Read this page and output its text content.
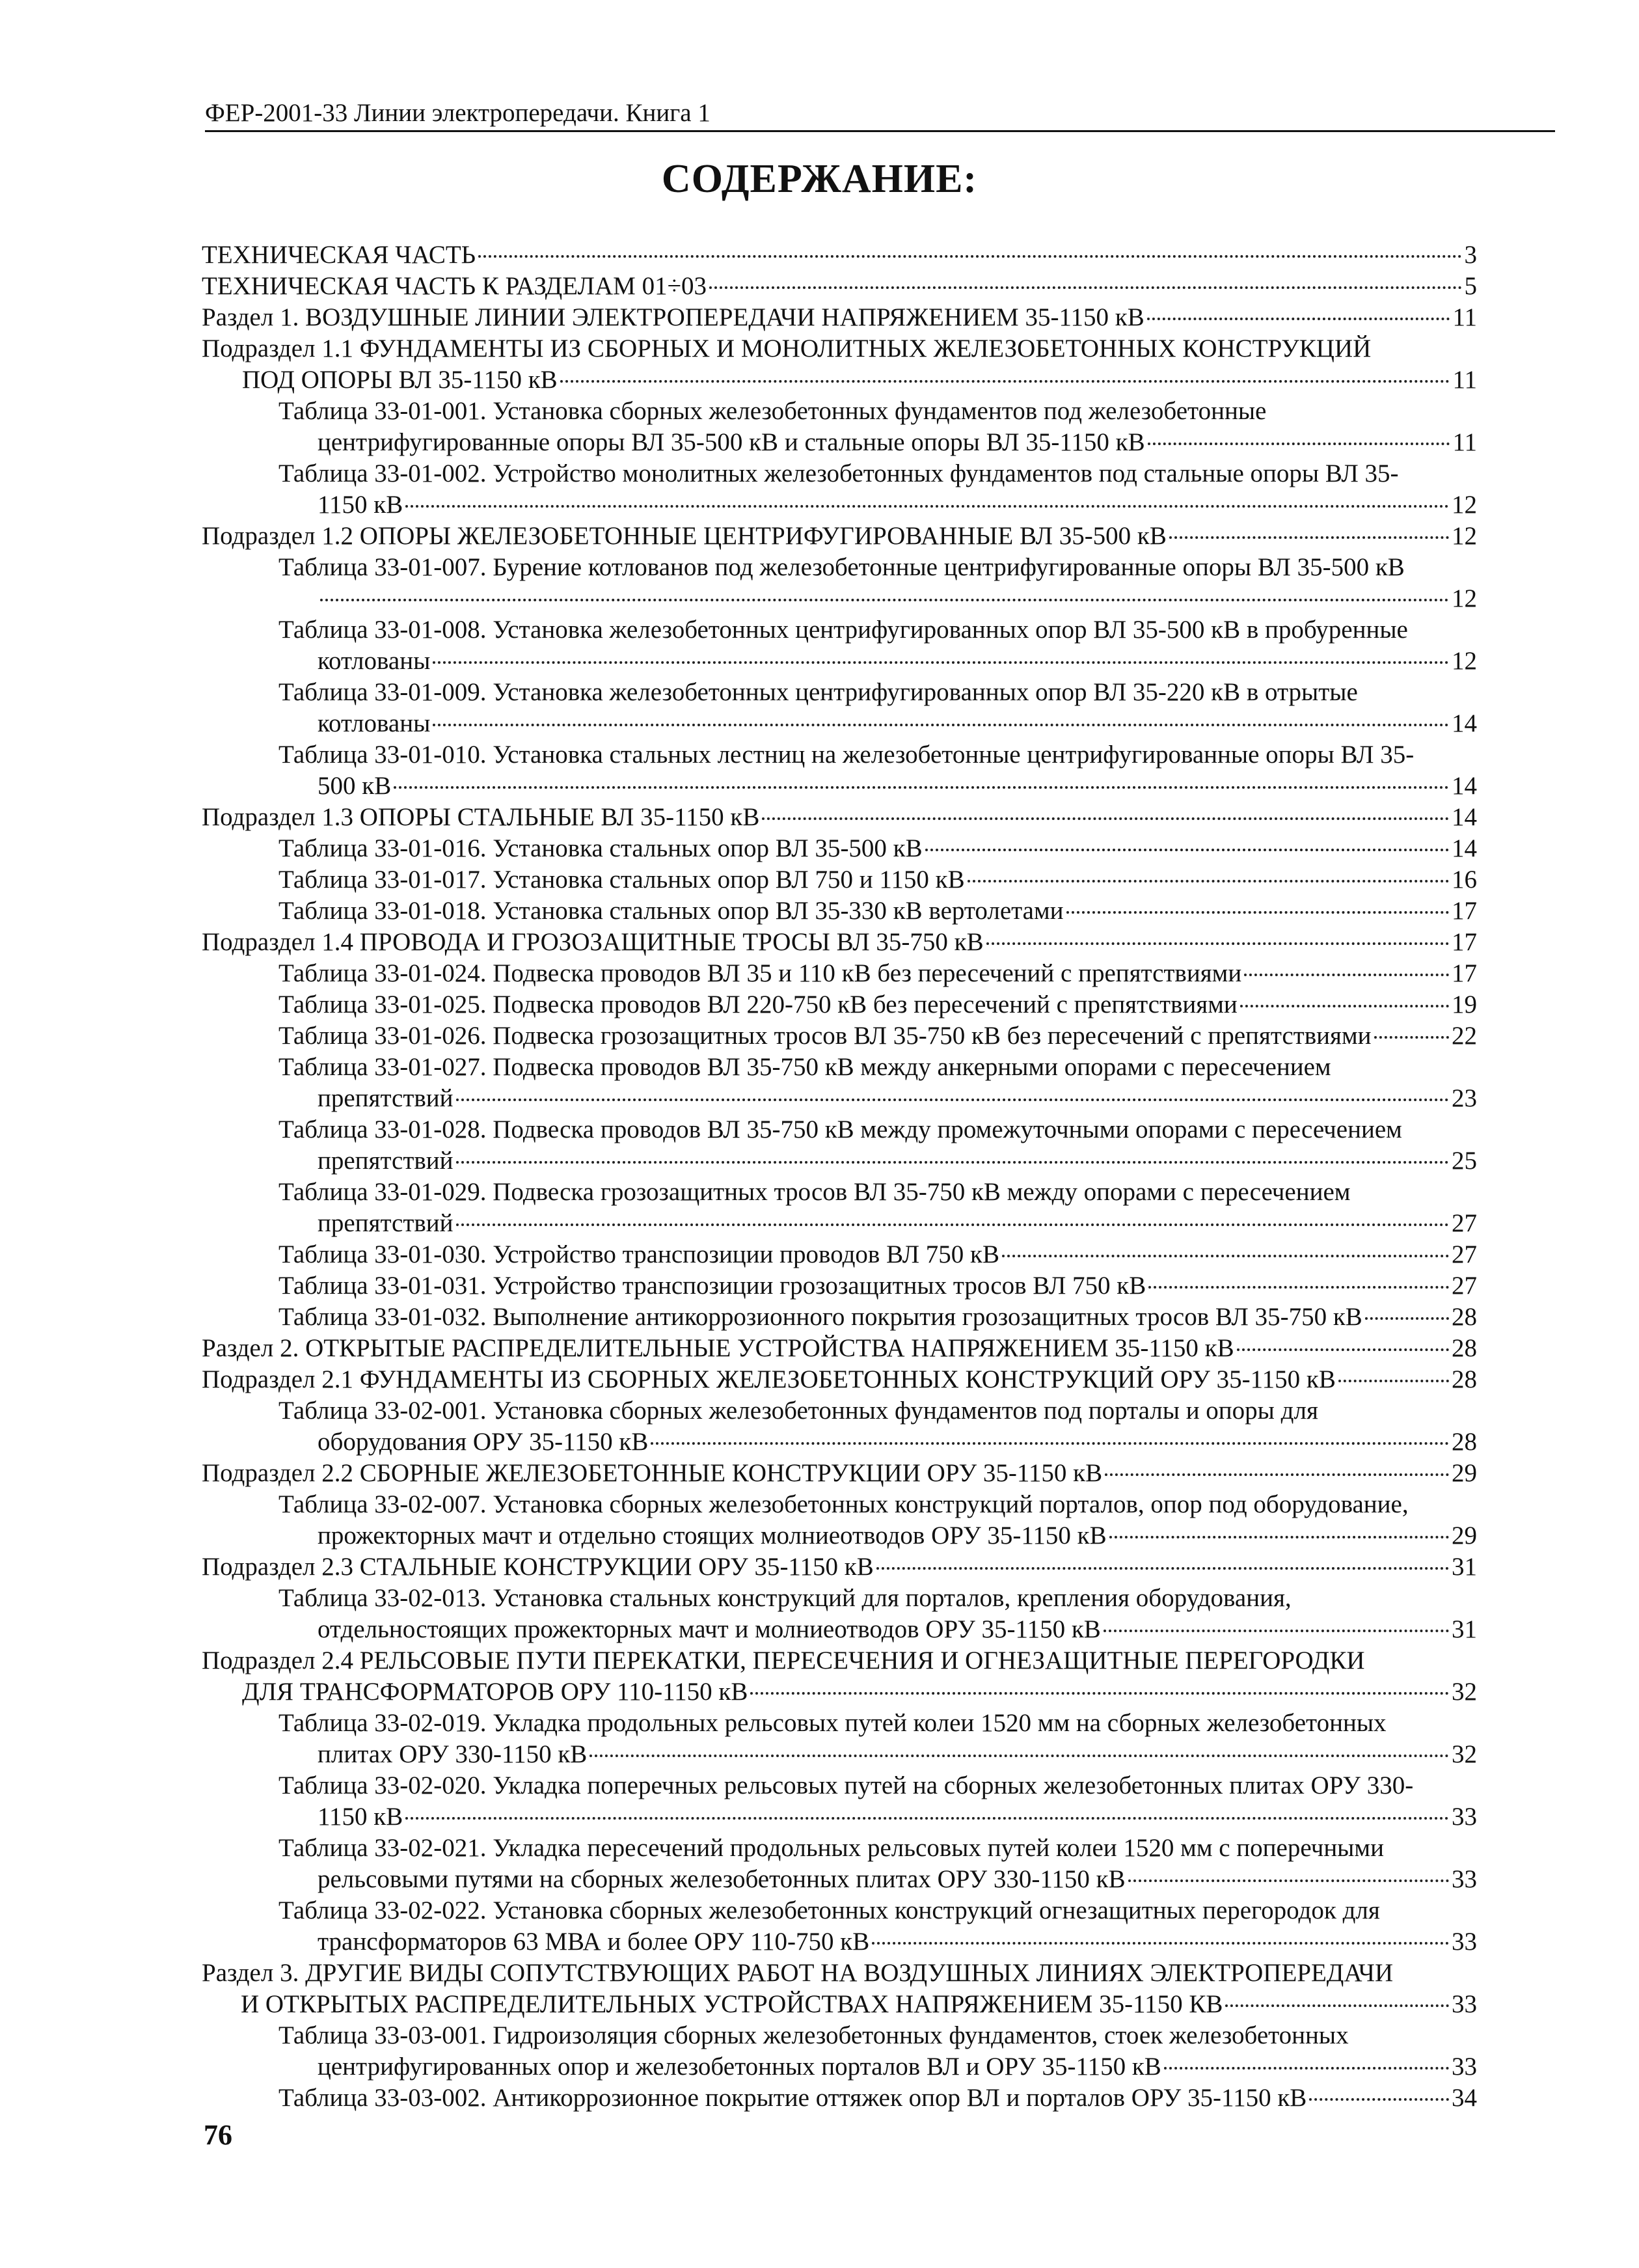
ФЕР-2001-33 Линии электропередачи. Книга 1
СОДЕРЖАНИЕ:
ТЕХНИЧЕСКАЯ ЧАСТЬ	3
ТЕХНИЧЕСКАЯ ЧАСТЬ К РАЗДЕЛАМ 01÷03	5
Раздел 1. ВОЗДУШНЫЕ ЛИНИИ ЭЛЕКТРОПЕРЕДАЧИ НАПРЯЖЕНИЕМ 35-1150 кВ	11
Подраздел 1.1 ФУНДАМЕНТЫ ИЗ СБОРНЫХ И МОНОЛИТНЫХ ЖЕЛЕЗОБЕТОННЫХ КОНСТРУКЦИЙ
ПОД ОПОРЫ ВЛ 35-1150 кВ	11
Таблица 33-01-001. Установка сборных железобетонных фундаментов под железобетонные
центрифугированные опоры ВЛ 35-500 кВ и стальные опоры ВЛ 35-1150 кВ	11
Таблица 33-01-002. Устройство монолитных железобетонных фундаментов под стальные опоры ВЛ 35-
1150 кВ	12
Подраздел 1.2 ОПОРЫ ЖЕЛЕЗОБЕТОННЫЕ ЦЕНТРИФУГИРОВАННЫЕ ВЛ 35-500 кВ	12
Таблица 33-01-007. Бурение котлованов под железобетонные центрифугированные опоры ВЛ 35-500 кВ
12
Таблица 33-01-008. Установка железобетонных центрифугированных опор ВЛ 35-500 кВ в пробуренные
котлованы	12
Таблица 33-01-009. Установка железобетонных центрифугированных опор ВЛ 35-220 кВ в отрытые
котлованы	14
Таблица 33-01-010. Установка стальных лестниц на железобетонные центрифугированные опоры ВЛ 35-
500 кВ	14
Подраздел 1.3 ОПОРЫ СТАЛЬНЫЕ ВЛ 35-1150 кВ	14
Таблица 33-01-016. Установка стальных опор ВЛ 35-500 кВ	14
Таблица 33-01-017. Установка стальных опор ВЛ 750 и 1150 кВ	16
Таблица 33-01-018. Установка стальных опор ВЛ 35-330 кВ вертолетами	17
Подраздел 1.4 ПРОВОДА И ГРОЗОЗАЩИТНЫЕ ТРОСЫ ВЛ 35-750 кВ	17
Таблица 33-01-024. Подвеска проводов ВЛ 35 и 110 кВ без пересечений с препятствиями	17
Таблица 33-01-025. Подвеска проводов ВЛ 220-750 кВ без пересечений с препятствиями	19
Таблица 33-01-026. Подвеска грозозащитных тросов ВЛ 35-750 кВ без пересечений с препятствиями	22
Таблица 33-01-027. Подвеска проводов ВЛ 35-750 кВ между анкерными опорами с пересечением
препятствий	23
Таблица 33-01-028. Подвеска проводов ВЛ 35-750 кВ между промежуточными опорами с пересечением
препятствий	25
Таблица 33-01-029. Подвеска грозозащитных тросов ВЛ 35-750 кВ между опорами с пересечением
препятствий	27
Таблица 33-01-030. Устройство транспозиции проводов ВЛ 750 кВ	27
Таблица 33-01-031. Устройство транспозиции грозозащитных тросов ВЛ 750 кВ	27
Таблица 33-01-032. Выполнение антикоррозионного покрытия грозозащитных тросов ВЛ 35-750 кВ	28
Раздел 2. ОТКРЫТЫЕ РАСПРЕДЕЛИТЕЛЬНЫЕ УСТРОЙСТВА НАПРЯЖЕНИЕМ 35-1150 кВ	28
Подраздел 2.1 ФУНДАМЕНТЫ ИЗ СБОРНЫХ ЖЕЛЕЗОБЕТОННЫХ КОНСТРУКЦИЙ ОРУ 35-1150 кВ	28
Таблица 33-02-001. Установка сборных железобетонных фундаментов под порталы и опоры для
оборудования ОРУ 35-1150 кВ	28
Подраздел 2.2 СБОРНЫЕ ЖЕЛЕЗОБЕТОННЫЕ КОНСТРУКЦИИ ОРУ 35-1150 кВ	29
Таблица 33-02-007. Установка сборных железобетонных конструкций порталов, опор под оборудование,
прожекторных мачт и отдельно стоящих молниеотводов ОРУ 35-1150 кВ	29
Подраздел 2.3 СТАЛЬНЫЕ КОНСТРУКЦИИ ОРУ 35-1150 кВ	31
Таблица 33-02-013. Установка стальных конструкций для порталов, крепления оборудования,
отдельностоящих прожекторных мачт и молниеотводов ОРУ 35-1150 кВ	31
Подраздел 2.4 РЕЛЬСОВЫЕ ПУТИ ПЕРЕКАТКИ, ПЕРЕСЕЧЕНИЯ И ОГНЕЗАЩИТНЫЕ ПЕРЕГОРОДКИ
ДЛЯ ТРАНСФОРМАТОРОВ ОРУ 110-1150 кВ	32
Таблица 33-02-019. Укладка продольных рельсовых путей колеи 1520 мм на сборных железобетонных
плитах ОРУ 330-1150 кВ	32
Таблица 33-02-020. Укладка поперечных рельсовых путей на сборных железобетонных плитах ОРУ 330-
1150 кВ	33
Таблица 33-02-021. Укладка пересечений продольных рельсовых путей колеи 1520 мм с поперечными
рельсовыми путями на сборных железобетонных плитах ОРУ 330-1150 кВ	33
Таблица 33-02-022. Установка сборных железобетонных конструкций огнезащитных перегородок для
трансформаторов 63 МВА и более ОРУ 110-750 кВ	33
Раздел 3. ДРУГИЕ ВИДЫ СОПУТСТВУЮЩИХ РАБОТ НА ВОЗДУШНЫХ ЛИНИЯХ ЭЛЕКТРОПЕРЕДАЧИ
И ОТКРЫТЫХ РАСПРЕДЕЛИТЕЛЬНЫХ УСТРОЙСТВАХ НАПРЯЖЕНИЕМ 35-1150 КВ	33
Таблица 33-03-001. Гидроизоляция сборных железобетонных фундаментов, стоек железобетонных
центрифугированных опор и железобетонных порталов ВЛ и ОРУ 35-1150 кВ	33
Таблица 33-03-002. Антикоррозионное покрытие оттяжек опор ВЛ и порталов ОРУ 35-1150 кВ	34
76
